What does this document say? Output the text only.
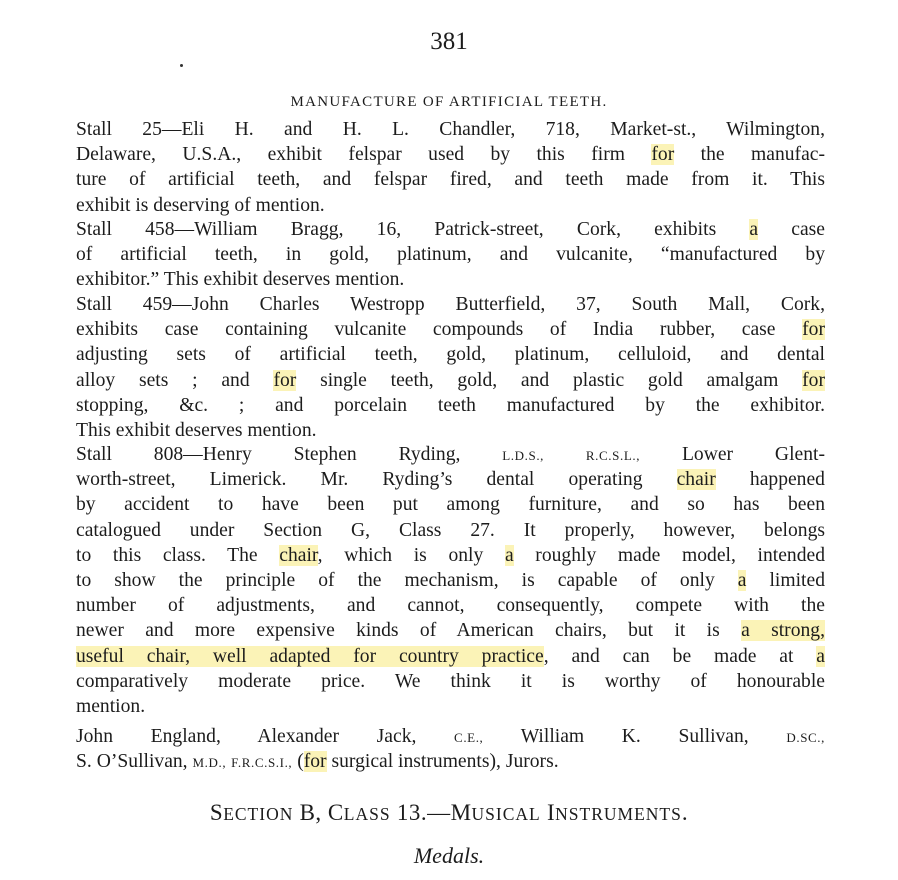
381
MANUFACTURE OF ARTIFICIAL TEETH.
Stall 25—Eli H. and H. L. Chandler, 718, Market-st., Wilmington,
Delaware, U.S.A., exhibit felspar used by this firm for the manufac-
ture of artificial teeth, and felspar fired, and teeth made from it. This
exhibit is deserving of mention.
Stall 458—William Bragg, 16, Patrick-street, Cork, exhibits a case
of artificial teeth, in gold, platinum, and vulcanite, “manufactured by
exhibitor.” This exhibit deserves mention.
Stall 459—John Charles Westropp Butterfield, 37, South Mall, Cork,
exhibits case containing vulcanite compounds of India rubber, case for
adjusting sets of artificial teeth, gold, platinum, celluloid, and dental
alloy sets ; and for single teeth, gold, and plastic gold amalgam for
stopping, &c. ; and porcelain teeth manufactured by the exhibitor.
This exhibit deserves mention.
Stall 808—Henry Stephen Ryding, L.D.S.,	R.C.S.L., Lower Glent-
worth-street, Limerick. Mr. Ryding’s dental operating chair happened
by accident to have been put among furniture, and so has been
catalogued under Section G, Class 27. It properly, however, belongs
to this class. The chair, which is only a roughly made model, intended
to show the principle of the mechanism, is capable of only a limited
number of adjustments, and cannot, consequently, compete with the
newer and more expensive kinds of American chairs, but it is a strong,
useful chair, well adapted for country practice, and can be made at a
comparatively moderate price. We think it is worthy of honourable
mention.
John England, Alexander Jack, C.E., William K. Sullivan, D.SC.,
S. O’Sullivan, M.D., F.R.C.S.I., (for surgical instruments), Jurors.
SECTION B, CLASS 13.—MUSICAL INSTRUMENTS.
Medals.
